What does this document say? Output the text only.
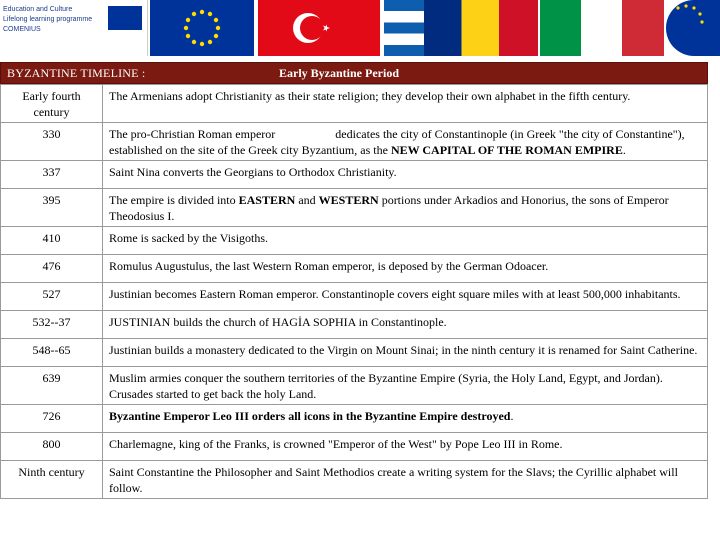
Education and Culture
Lifelong learning programme
COMENIUS
BYZANTINE TIMELINE :	Early Byzantine Period
Early fourth century	The Armenians adopt Christianity as their state religion; they develop their own alphabet in the fifth century.
330	The pro-Christian Roman emperor dedicates the city of Constantinople (in Greek "the city of Constantine"), established on the site of the Greek city Byzantium, as the NEW CAPITAL OF THE ROMAN EMPIRE.
337	Saint Nina converts the Georgians to Orthodox Christianity.
395	The empire is divided into EASTERN and WESTERN portions under Arkadios and Honorius, the sons of Emperor Theodosius I.
410	Rome is sacked by the Visigoths.
476	Romulus Augustulus, the last Western Roman emperor, is deposed by the German Odoacer.
527	Justinian becomes Eastern Roman emperor. Constantinople covers eight square miles with at least 500,000 inhabitants.
532--37	JUSTINIAN builds the church of HAGİA SOPHIA in Constantinople.
548--65	Justinian builds a monastery dedicated to the Virgin on Mount Sinai; in the ninth century it is renamed for Saint Catherine.
639	Muslim armies conquer the southern territories of the Byzantine Empire (Syria, the Holy Land, Egypt, and Jordan). Crusades started to get back the holy Land.
726	Byzantine Emperor Leo III orders all icons in the Byzantine Empire destroyed.
800	Charlemagne, king of the Franks, is crowned "Emperor of the West" by Pope Leo III in Rome.
Ninth century	Saint Constantine the Philosopher and Saint Methodios create a writing system for the Slavs; the Cyrillic alphabet will follow.
